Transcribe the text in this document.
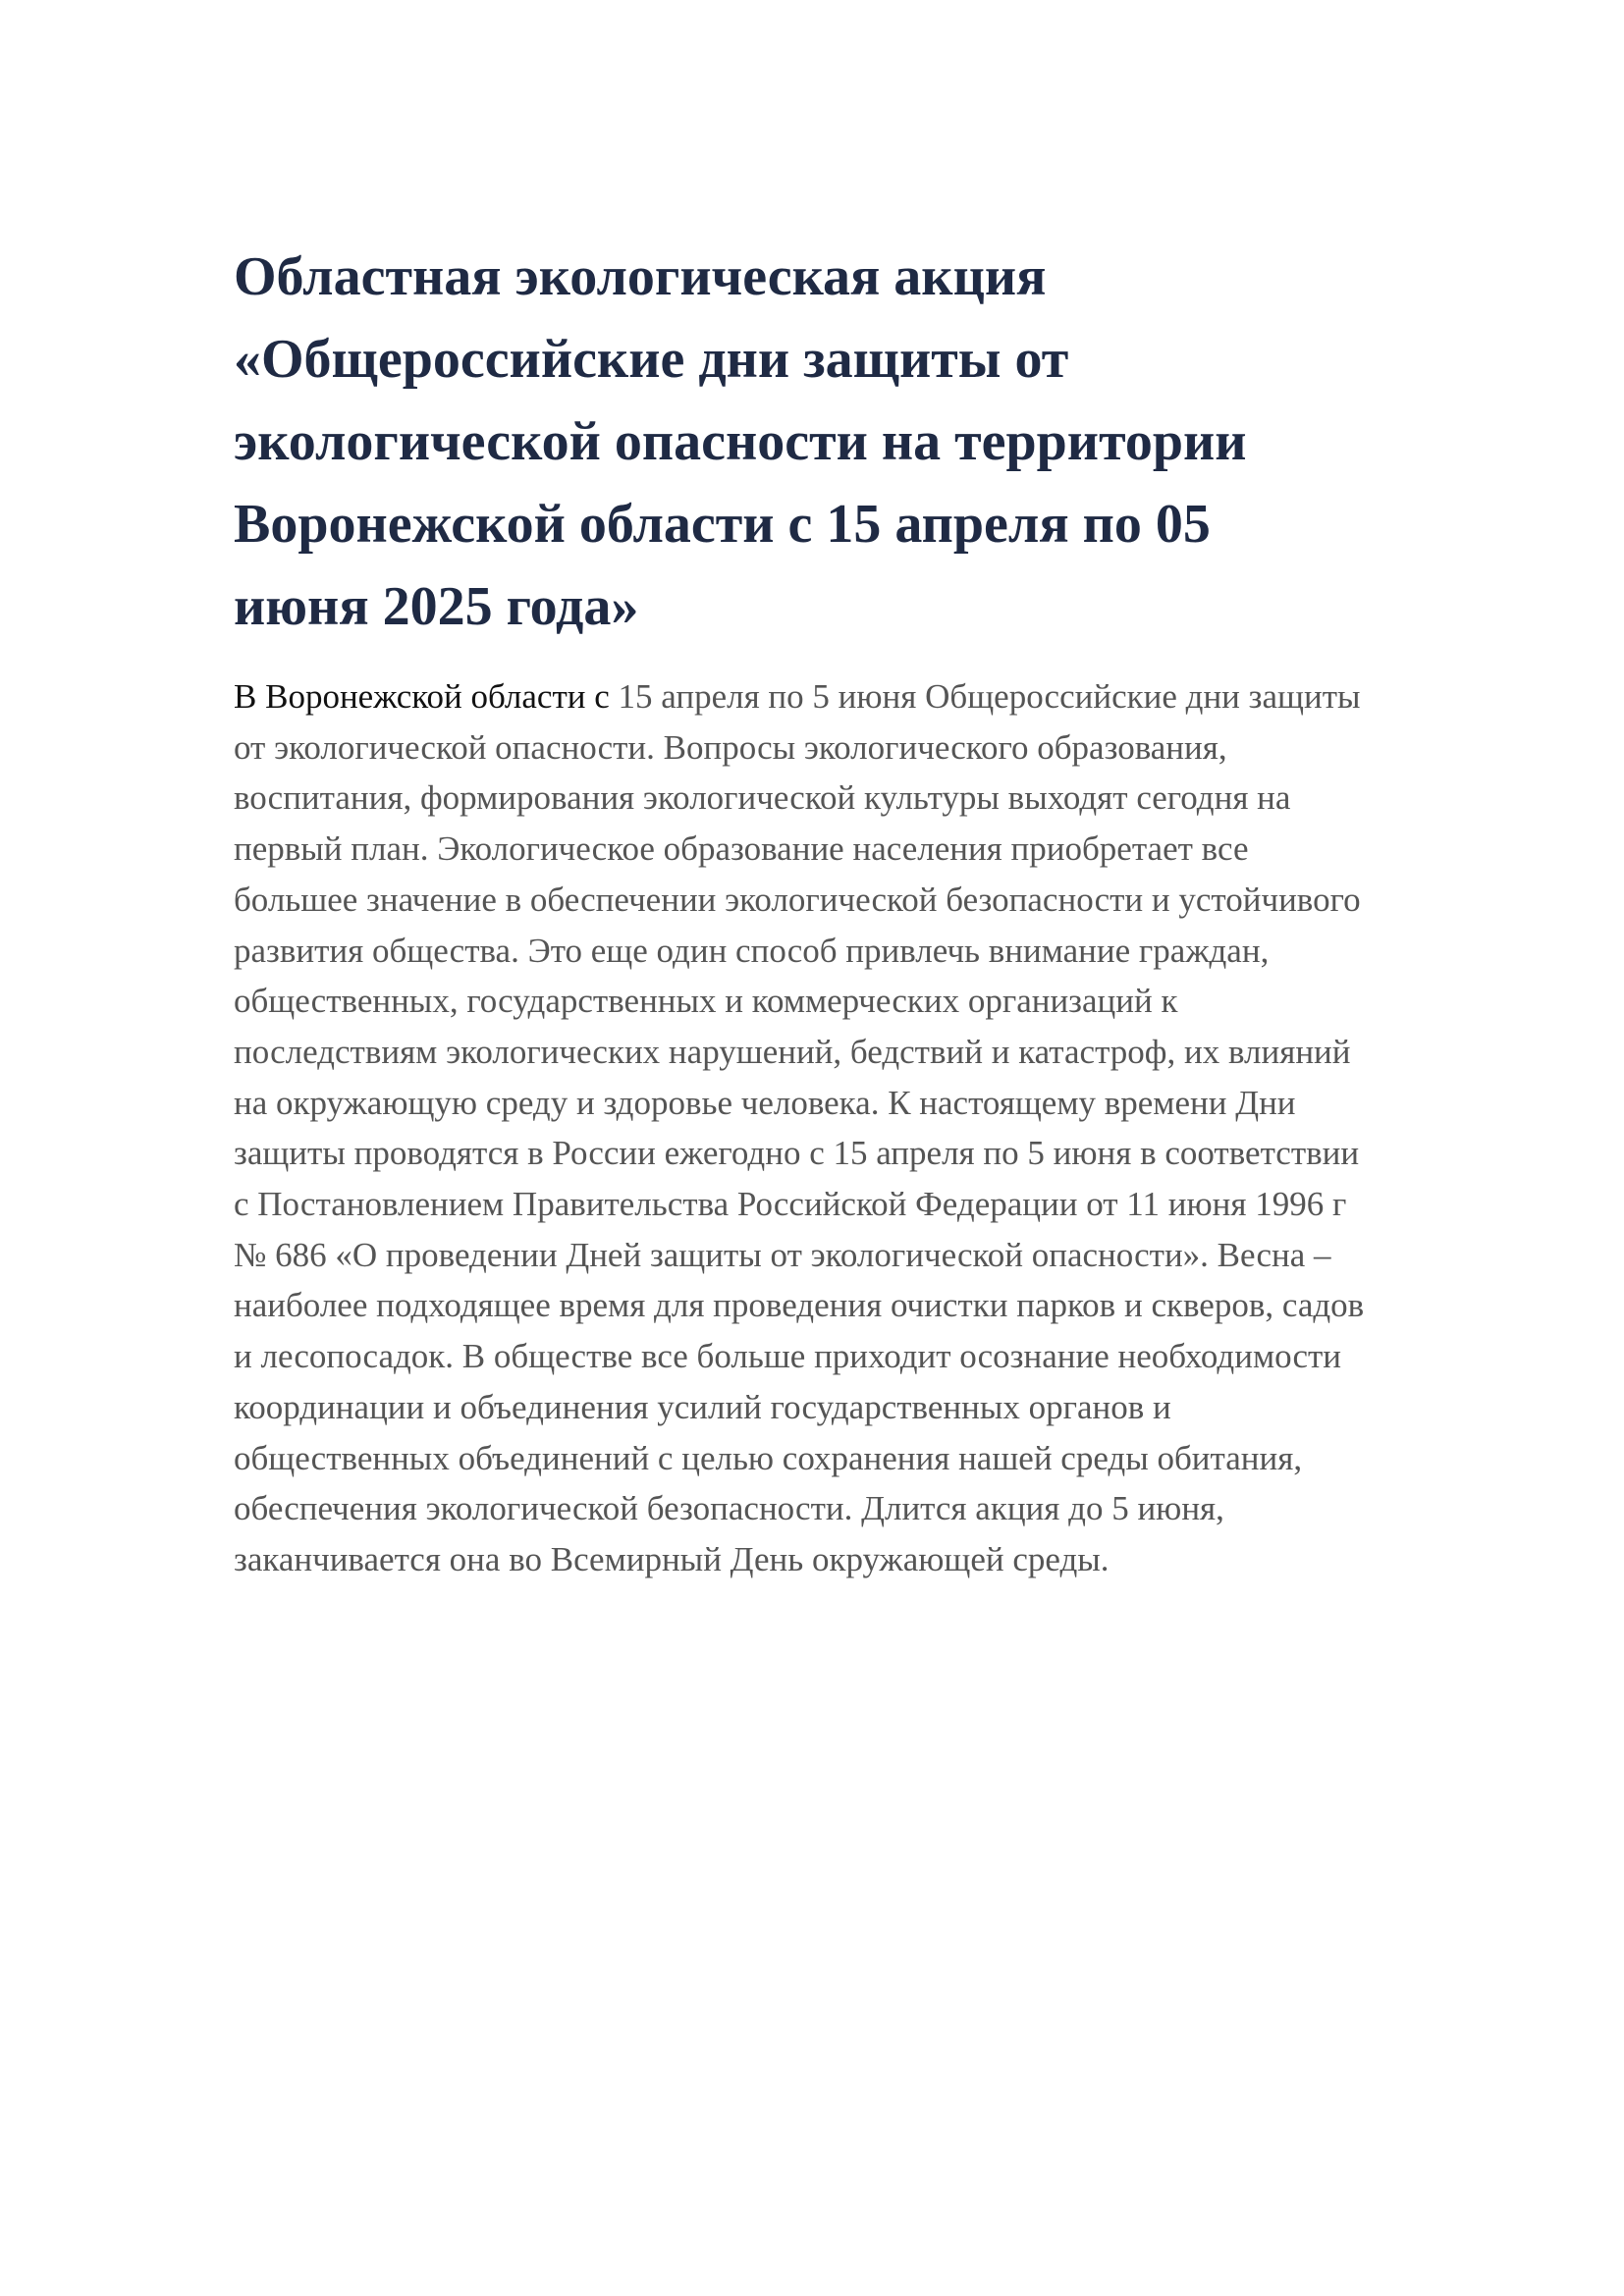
Областная экологическая акция
«Общероссийские дни защиты от
экологической опасности на территории
Воронежской области с 15 апреля по 05
июня 2025 года»
В Воронежской области с 15 апреля по 5 июня Общероссийские дни защиты
от экологической опасности. Вопросы экологического образования,
воспитания, формирования экологической культуры выходят сегодня на
первый план. Экологическое образование населения приобретает все
большее значение в обеспечении экологической безопасности и устойчивого
развития общества. Это еще один способ привлечь внимание граждан,
общественных, государственных и коммерческих организаций к
последствиям экологических нарушений, бедствий и катастроф, их влияний
на окружающую среду и здоровье человека. К настоящему времени Дни
защиты проводятся в России ежегодно с 15 апреля по 5 июня в соответствии
с Постановлением Правительства Российской Федерации от 11 июня 1996 г
№ 686 «О проведении Дней защиты от экологической опасности». Весна –
наиболее подходящее время для проведения очистки парков и скверов, садов
и лесопосадок. В обществе все больше приходит осознание необходимости
координации и объединения усилий государственных органов и
общественных объединений с целью сохранения нашей среды обитания,
обеспечения экологической безопасности. Длится акция до 5 июня,
заканчивается она во Всемирный День окружающей среды.
